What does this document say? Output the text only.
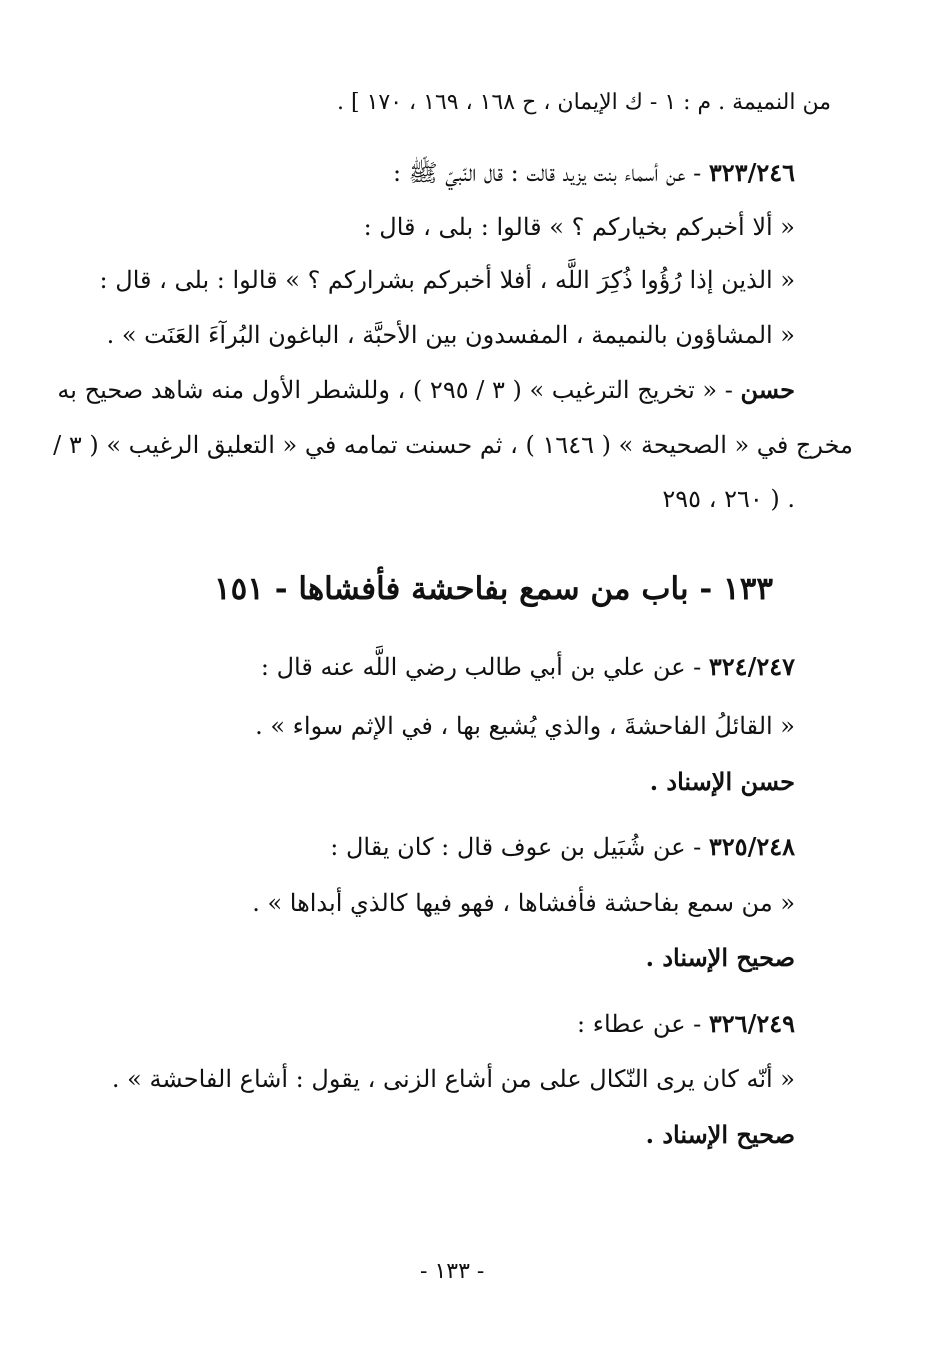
من النميمة . م : ١ - ك الإيمان ، ح ١٦٨ ، ١٦٩ ، ١٧٠ ] .
٣٢٣/٢٤٦ - عن أسماء بنت يزيد قالت : قال النّبيّ ﷺ :
« ألا أخبركم بخياركم ؟ » قالوا : بلى ، قال :
« الذين إذا رُؤُوا ذُكِرَ اللَّه ، أفلا أخبركم بشراركم ؟ » قالوا : بلى ، قال :
« المشاؤون بالنميمة ، المفسدون بين الأحبَّة ، الباغون البُرآءَ العَنَت » .
حسن - « تخريج الترغيب » ( ٣ / ٢٩٥ ) ، وللشطر الأول منه شاهد صحيح به
مخرج في « الصحيحة » ( ١٦٤٦ ) ، ثم حسنت تمامه في « التعليق الرغيب » ( ٣ /
٢٦٠ ، ٢٩٥ ) .
١٣٣ - باب من سمع بفاحشة فأفشاها - ١٥١
٣٢٤/٢٤٧ - عن علي بن أبي طالب رضي اللَّه عنه قال :
« القائلُ الفاحشةَ ، والذي يُشيع بها ، في الإثم سواء » .
حسن الإسناد .
٣٢٥/٢٤٨ - عن شُبَيل بن عوف قال : كان يقال :
« من سمع بفاحشة فأفشاها ، فهو فيها كالذي أبداها » .
صحيح الإسناد .
٣٢٦/٢٤٩ - عن عطاء :
« أنّه كان يرى النّكال على من أشاع الزنى ، يقول : أشاع الفاحشة » .
صحيح الإسناد .
- ١٣٣ -
